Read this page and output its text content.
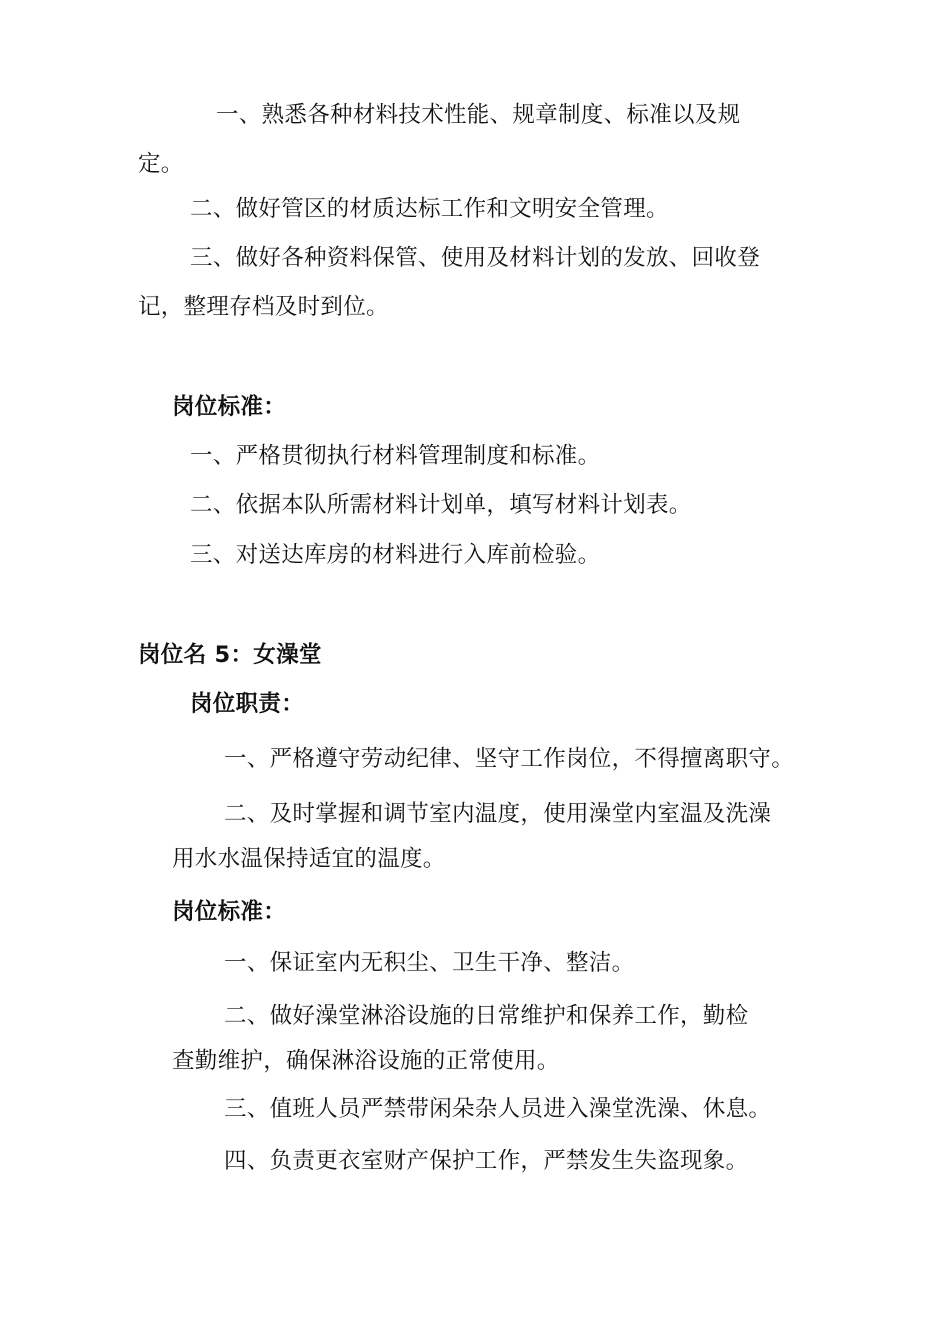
一、熟悉各种材料技术性能、规章制度、标准以及规
定。
二、做好管区的材质达标工作和文明安全管理。
三、做好各种资料保管、使用及材料计划的发放、回收登
记，整理存档及时到位。
岗位标准：
一、严格贯彻执行材料管理制度和标准。
二、依据本队所需材料计划单，填写材料计划表。
三、对送达库房的材料进行入库前检验。
岗位名 5：女澡堂
岗位职责：
一、严格遵守劳动纪律、坚守工作岗位，不得擅离职守。
二、及时掌握和调节室内温度，使用澡堂内室温及洗澡
用水水温保持适宜的温度。
岗位标准：
一、保证室内无积尘、卫生干净、整洁。
二、做好澡堂淋浴设施的日常维护和保养工作，勤检
查勤维护，确保淋浴设施的正常使用。
三、值班人员严禁带闲朵杂人员进入澡堂洗澡、休息。
四、负责更衣室财产保护工作，严禁发生失盗现象。
